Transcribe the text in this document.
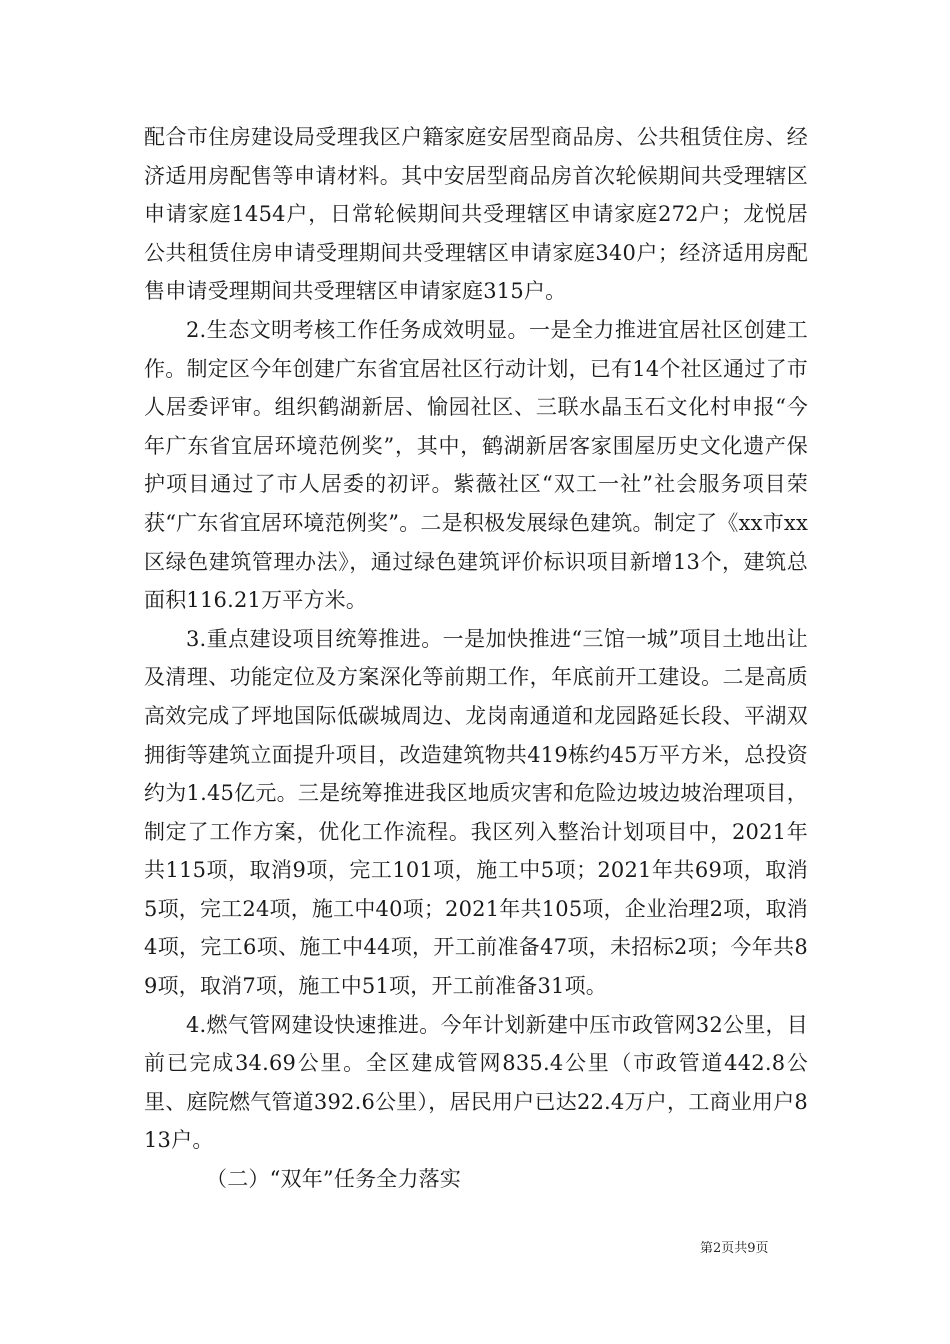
配合市住房建设局受理我区户籍家庭安居型商品房、公共租赁住房、经济适用房配售等申请材料。其中安居型商品房首次轮候期间共受理辖区申请家庭1454户，日常轮候期间共受理辖区申请家庭272户；龙悦居公共租赁住房申请受理期间共受理辖区申请家庭340户；经济适用房配售申请受理期间共受理辖区申请家庭315户。

2.生态文明考核工作任务成效明显。一是全力推进宜居社区创建工作。制定区今年创建广东省宜居社区行动计划，已有14个社区通过了市人居委评审。组织鹤湖新居、愉园社区、三联水晶玉石文化村申报“今年广东省宜居环境范例奖”，其中，鹤湖新居客家围屋历史文化遗产保护项目通过了市人居委的初评。紫薇社区“双工一社”社会服务项目荣获“广东省宜居环境范例奖”。二是积极发展绿色建筑。制定了《xx市xx区绿色建筑管理办法》，通过绿色建筑评价标识项目新增13个，建筑总面积116.21万平方米。

3.重点建设项目统筹推进。一是加快推进“三馆一城”项目土地出让及清理、功能定位及方案深化等前期工作，年底前开工建设。二是高质高效完成了坪地国际低碳城周边、龙岗南通道和龙园路延长段、平湖双拥街等建筑立面提升项目，改造建筑物共419栋约45万平方米，总投资约为1.45亿元。三是统筹推进我区地质灾害和危险边坡边坡治理项目，制定了工作方案，优化工作流程。我区列入整治计划项目中，2021年共115项，取消9项，完工101项，施工中5项；2021年共69项，取消5项，完工24项，施工中40项；2021年共105项，企业治理2项，取消4项，完工6项、施工中44项，开工前准备47项，未招标2项；今年共89项，取消7项，施工中51项，开工前准备31项。

4.燃气管网建设快速推进。今年计划新建中压市政管网32公里，目前已完成34.69公里。全区建成管网835.4公里（市政管道442.8公里、庭院燃气管道392.6公里），居民用户已达22.4万户，工商业用户813户。

（二）“双年”任务全力落实

第2页共9页
